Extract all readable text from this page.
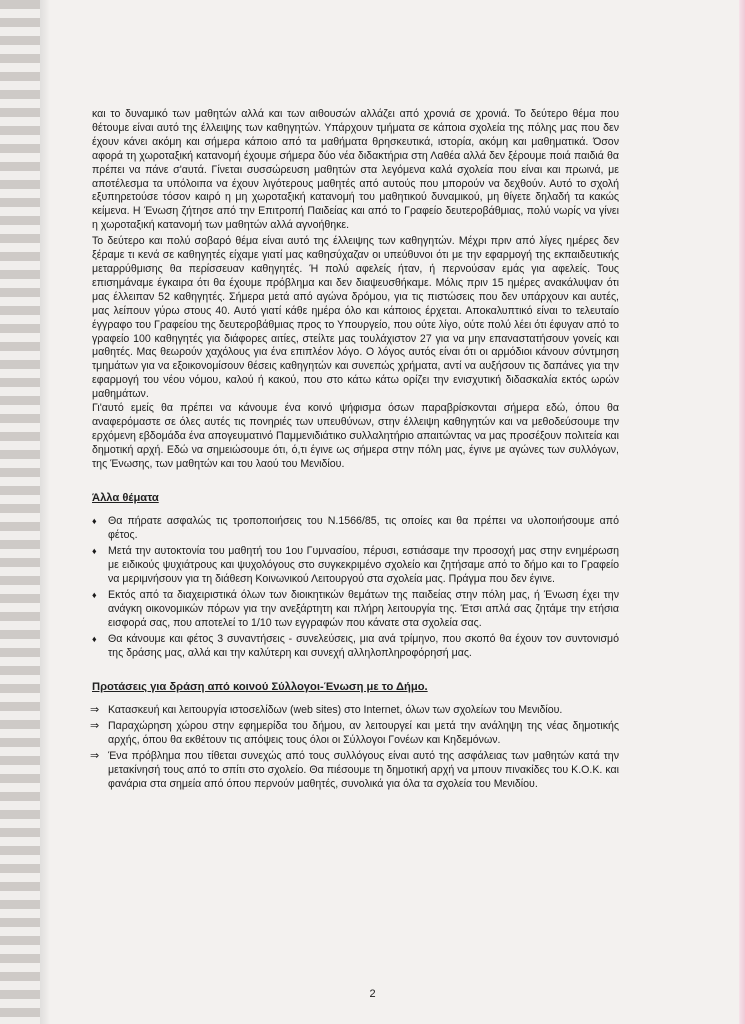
και το δυναμικό των μαθητών αλλά και των αιθουσών αλλάζει από χρονιά σε χρονιά. Το δεύτερο θέμα που θέτουμε είναι αυτό της έλλειψης των καθηγητών. Υπάρχουν τμήματα σε κάποια σχολεία της πόλης μας που δεν έχουν κάνει ακόμη και σήμερα κάποιο από τα μαθήματα θρησκευτικά, ιστορία, ακόμη και μαθηματικά. Όσον αφορά τη χωροταξική κατανομή έχουμε σήμερα δύο νέα διδακτήρια στη Λαθέα αλλά δεν ξέρουμε ποιά παιδιά θα πρέπει να πάνε σ'αυτά. Γίνεται συσσώρευση μαθητών στα λεγόμενα καλά σχολεία που είναι και πρωινά, με αποτέλεσμα τα υπόλοιπα να έχουν λιγότερους μαθητές από αυτούς που μπορούν να δεχθούν. Αυτό το σχολή εξυπηρετούσε τόσον καιρό η μη χωροταξική κατανομή του μαθητικού δυναμικού, μη θίγετε δηλαδή τα κακώς κείμενα. Η Ένωση ζήτησε από την Επιτροπή Παιδείας και από το Γραφείο δευτεροβάθμιας, πολύ νωρίς να γίνει η χωροταξική κατανομή των μαθητών αλλά αγνοήθηκε.

Το δεύτερο και πολύ σοβαρό θέμα είναι αυτό της έλλειψης των καθηγητών. Μέχρι πριν από λίγες ημέρες δεν ξέραμε τι κενά σε καθηγητές είχαμε γιατί μας καθησύχαζαν οι υπεύθυνοι ότι με την εφαρμογή της εκπαιδευτικής μεταρρύθμισης θα περίσσευαν καθηγητές. Ή πολύ αφελείς ήταν, ή περνούσαν εμάς για αφελείς. Τους επισημάναμε έγκαιρα ότι θα έχουμε πρόβλημα και δεν διαψευσθήκαμε. Μόλις πριν 15 ημέρες ανακάλυψαν ότι μας έλλειπαν 52 καθηγητές. Σήμερα μετά από αγώνα δρόμου, για τις πιστώσεις που δεν υπάρχουν και αυτές, μας λείπουν γύρω στους 40. Αυτό γιατί κάθε ημέρα όλο και κάποιος έρχεται. Αποκαλυπτικό είναι το τελευταίο έγγραφο του Γραφείου της δευτεροβάθμιας προς το Υπουργείο, που ούτε λίγο, ούτε πολύ λέει ότι έφυγαν από το γραφείο 100 καθηγητές για διάφορες αιτίες, στείλτε μας τουλάχιστον 27 για να μην επαναστατήσουν γονείς και μαθητές. Μας θεωρούν χαχόλους για ένα επιπλέον λόγο. Ο λόγος αυτός είναι ότι οι αρμόδιοι κάνουν σύντμηση τμημάτων για να εξοικονομίσουν θέσεις καθηγητών και συνεπώς χρήματα, αντί να αυξήσουν τις δαπάνες για την εφαρμογή του νέου νόμου, καλού ή κακού, που στο κάτω κάτω ορίζει την ενισχυτική διδασκαλία εκτός ωρών μαθημάτων.

Γι'αυτό εμείς θα πρέπει να κάνουμε ένα κοινό ψήφισμα όσων παραβρίσκονται σήμερα εδώ, όπου θα αναφερόμαστε σε όλες αυτές τις πονηριές των υπευθύνων, στην έλλειψη καθηγητών και να μεθοδεύσουμε την ερχόμενη εβδομάδα ένα απογευματινό Παμμενιδιάτικο συλλαλητήριο απαιτώντας να μας προσέξουν πολιτεία και δημοτική αρχή. Εδώ να σημειώσουμε ότι, ό,τι έγινε ως σήμερα στην πόλη μας, έγινε με αγώνες των συλλόγων, της Ένωσης, των μαθητών και του λαού του Μενιδίου.

Άλλα θέματα
♦ Θα πήρατε ασφαλώς τις τροποποιήσεις του Ν.1566/85, τις οποίες και θα πρέπει να υλοποιήσουμε από φέτος.
♦ Μετά την αυτοκτονία του μαθητή του 1ου Γυμνασίου, πέρυσι, εστιάσαμε την προσοχή μας στην ενημέρωση με ειδικούς ψυχιάτρους και ψυχολόγους στο συγκεκριμένο σχολείο και ζητήσαμε από το δήμο και το Γραφείο να μεριμνήσουν για τη διάθεση Κοινωνικού Λειτουργού στα σχολεία μας. Πράγμα που δεν έγινε.
♦ Εκτός από τα διαχειριστικά όλων των διοικητικών θεμάτων της παιδείας στην πόλη μας, ή Ένωση έχει την ανάγκη οικονομικών πόρων για την ανεξάρτητη και πλήρη λειτουργία της. Έτσι απλά σας ζητάμε την ετήσια εισφορά σας, που αποτελεί το 1/10 των εγγραφών που κάνατε στα σχολεία σας.
♦ Θα κάνουμε και φέτος 3 συναντήσεις - συνελεύσεις, μια ανά τρίμηνο, που σκοπό θα έχουν τον συντονισμό της δράσης μας, αλλά και την καλύτερη και συνεχή αλληλοπληροφόρησή μας.
Προτάσεις για δράση από κοινού Σύλλογοι-Ένωση με το Δήμο.
⇒ Κατασκευή και λειτουργία ιστοσελίδων (web sites) στο Internet, όλων των σχολείων του Μενιδίου.
⇒ Παραχώρηση χώρου στην εφημερίδα του δήμου, αν λειτουργεί και μετά την ανάληψη της νέας δημοτικής αρχής, όπου θα εκθέτουν τις απόψεις τους όλοι οι Σύλλογοι Γονέων και Κηδεμόνων.
⇒ Ένα πρόβλημα που τίθεται συνεχώς από τους συλλόγους είναι αυτό της ασφάλειας των μαθητών κατά την μετακίνησή τους από το σπίτι στο σχολείο. Θα πιέσουμε τη δημοτική αρχή να μπουν πινακίδες του Κ.Ο.Κ. και φανάρια στα σημεία από όπου περνούν μαθητές, συνολικά για όλα τα σχολεία του Μενιδίου.
2
